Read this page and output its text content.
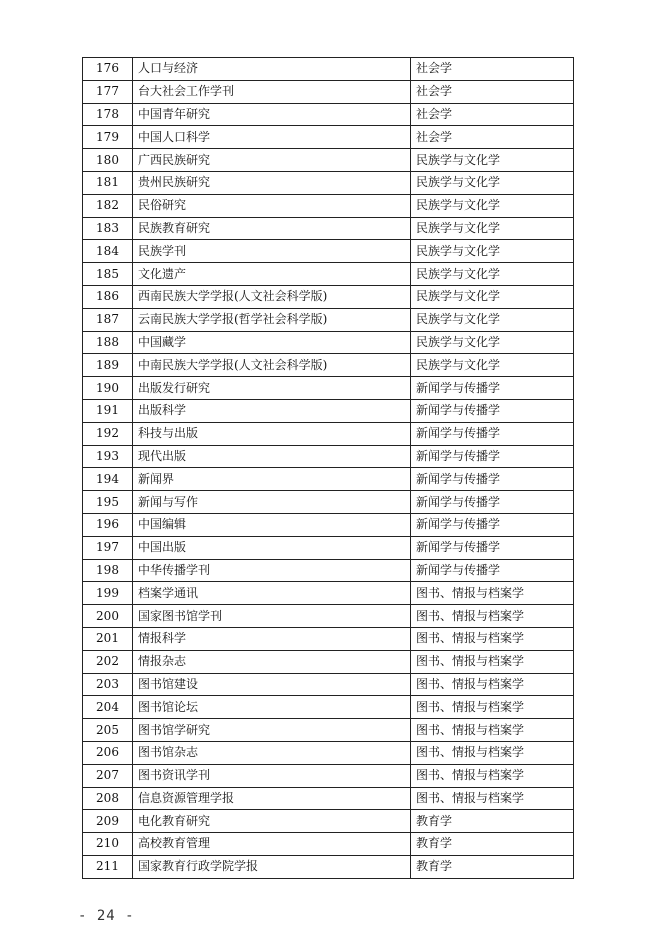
176	人口与经济	社会学
177	台大社会工作学刊	社会学
178	中国青年研究	社会学
179	中国人口科学	社会学
180	广西民族研究	民族学与文化学
181	贵州民族研究	民族学与文化学
182	民俗研究	民族学与文化学
183	民族教育研究	民族学与文化学
184	民族学刊	民族学与文化学
185	文化遗产	民族学与文化学
186	西南民族大学学报(人文社会科学版)	民族学与文化学
187	云南民族大学学报(哲学社会科学版)	民族学与文化学
188	中国藏学	民族学与文化学
189	中南民族大学学报(人文社会科学版)	民族学与文化学
190	出版发行研究	新闻学与传播学
191	出版科学	新闻学与传播学
192	科技与出版	新闻学与传播学
193	现代出版	新闻学与传播学
194	新闻界	新闻学与传播学
195	新闻与写作	新闻学与传播学
196	中国编辑	新闻学与传播学
197	中国出版	新闻学与传播学
198	中华传播学刊	新闻学与传播学
199	档案学通讯	图书、情报与档案学
200	国家图书馆学刊	图书、情报与档案学
201	情报科学	图书、情报与档案学
202	情报杂志	图书、情报与档案学
203	图书馆建设	图书、情报与档案学
204	图书馆论坛	图书、情报与档案学
205	图书馆学研究	图书、情报与档案学
206	图书馆杂志	图书、情报与档案学
207	图书资讯学刊	图书、情报与档案学
208	信息资源管理学报	图书、情报与档案学
209	电化教育研究	教育学
210	高校教育管理	教育学
211	国家教育行政学院学报	教育学
- 24 -
